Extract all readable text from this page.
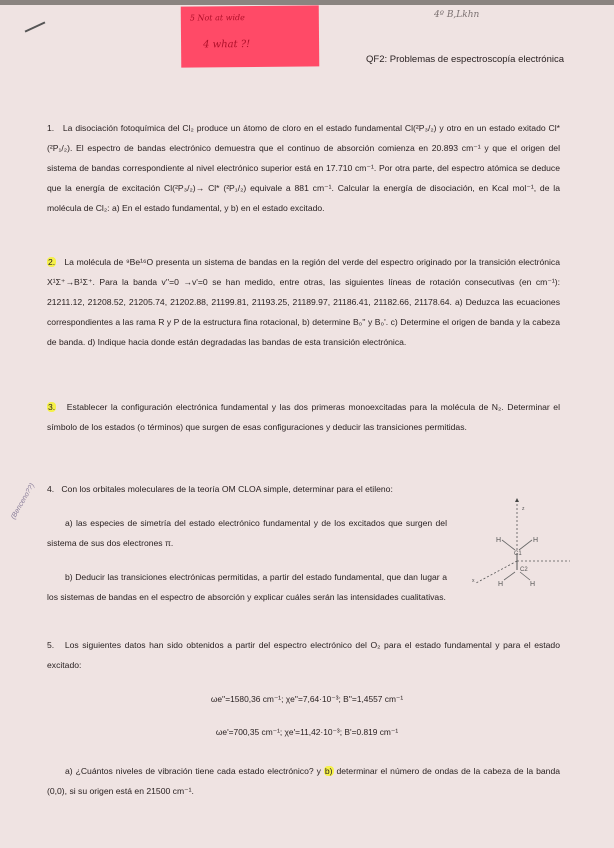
5 Not at wide
4 what ?!
4º B,Lkhn
QF2: Problemas de espectroscopía electrónica
1. La disociación fotoquímica del Cl₂ produce un átomo de cloro en el estado fundamental Cl(²P₃/₂) y otro en un estado exitado Cl* (²P₁/₂). El espectro de bandas electrónico demuestra que el continuo de absorción comienza en 20.893 cm⁻¹ y que el origen del sistema de bandas correspondiente al nivel electrónico superior está en 17.710 cm⁻¹. Por otra parte, del espectro atómica se deduce que la energía de excitación Cl(²P₃/₂)→ Cl* (²P₁/₂) equivale a 881 cm⁻¹. Calcular la energía de disociación, en Kcal mol⁻¹, de la molécula de Cl₂: a) En el estado fundamental, y b) en el estado excitado.
2. La molécula de ⁹Be¹⁶O presenta un sistema de bandas en la región del verde del espectro originado por la transición electrónica X¹Σ⁺→B¹Σ⁺. Para la banda v''=0 →v'=0 se han medido, entre otras, las siguientes líneas de rotación consecutivas (en cm⁻¹): 21211.12, 21208.52, 21205.74, 21202.88, 21199.81, 21193.25, 21189.97, 21186.41, 21182.66, 21178.64. a) Deduzca las ecuaciones correspondientes a las rama R y P de la estructura fina rotacional, b) determine B₀'' y B₀'. c) Determine el origen de banda y la cabeza de banda. d) Indique hacia donde están degradadas las bandas de esta transición electrónica.
3. Establecer la configuración electrónica fundamental y las dos primeras monoexcitadas para la molécula de N₂. Determinar el símbolo de los estados (o términos) que surgen de esas configuraciones y deducir las transiciones permitidas.
(Benceno??) 4. Con los orbitales moleculares de la teoría OM CLOA simple, determinar para el etileno:
a) las especies de simetría del estado electrónico fundamental y de los excitados que surgen del sistema de sus dos electrones π.
b) Deducir las transiciones electrónicas permitidas, a partir del estado fundamental, que dan lugar a los sistemas de bandas en el espectro de absorción y explicar cuáles serán las intensidades cualitativas.
z
x
H	H
H	H
C1
C2
5. Los siguientes datos han sido obtenidos a partir del espectro electrónico del O₂ para el estado fundamental y para el estado excitado:
ωe''=1580,36 cm⁻¹; χe''=7,64·10⁻³; B''=1,4557 cm⁻¹
ωe'=700,35 cm⁻¹; χe'=11,42·10⁻³; B'=0.819 cm⁻¹
a) ¿Cuántos niveles de vibración tiene cada estado electrónico? y b) determinar el número de ondas de la cabeza de la banda (0,0), si su origen está en 21500 cm⁻¹.
